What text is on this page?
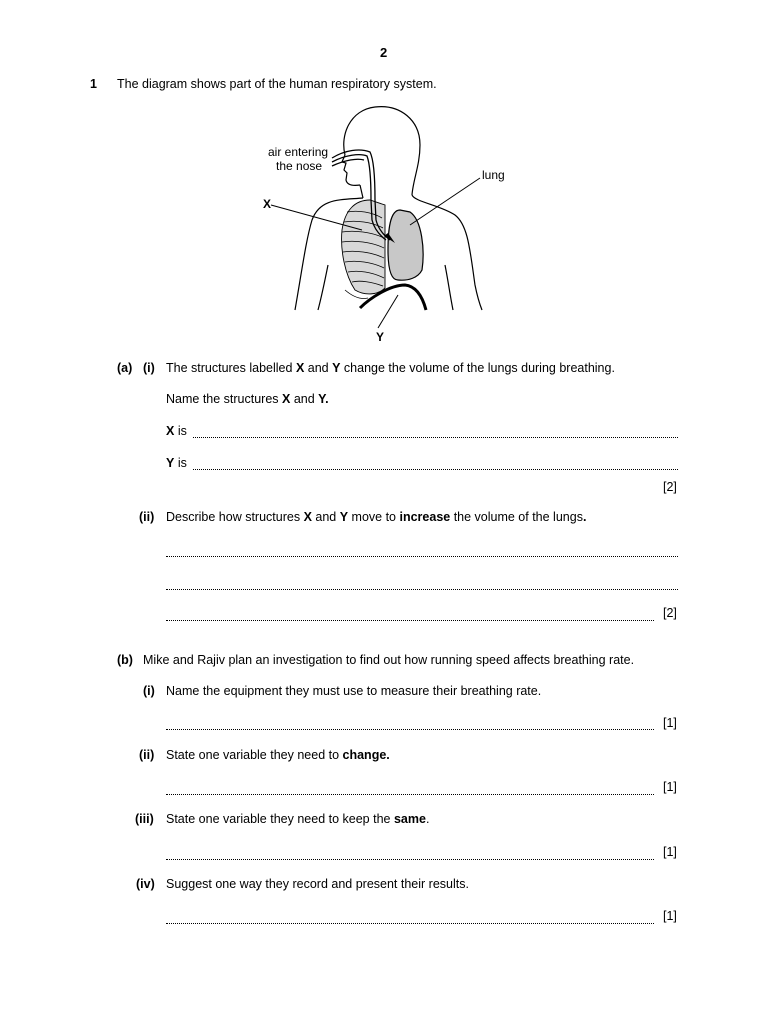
2
1 The diagram shows part of the human respiratory system.
air entering
the nose
lung
X
Y
(a) (i) The structures labelled X and Y change the volume of the lungs during breathing.
Name the structures X and Y.
X is
Y is
[2]
(ii) Describe how structures X and Y move to increase the volume of the lungs.
[2]
(b) Mike and Rajiv plan an investigation to find out how running speed affects breathing rate.
(i) Name the equipment they must use to measure their breathing rate.
[1]
(ii) State one variable they need to change.
[1]
(iii) State one variable they need to keep the same.
[1]
(iv) Suggest one way they record and present their results.
[1]
